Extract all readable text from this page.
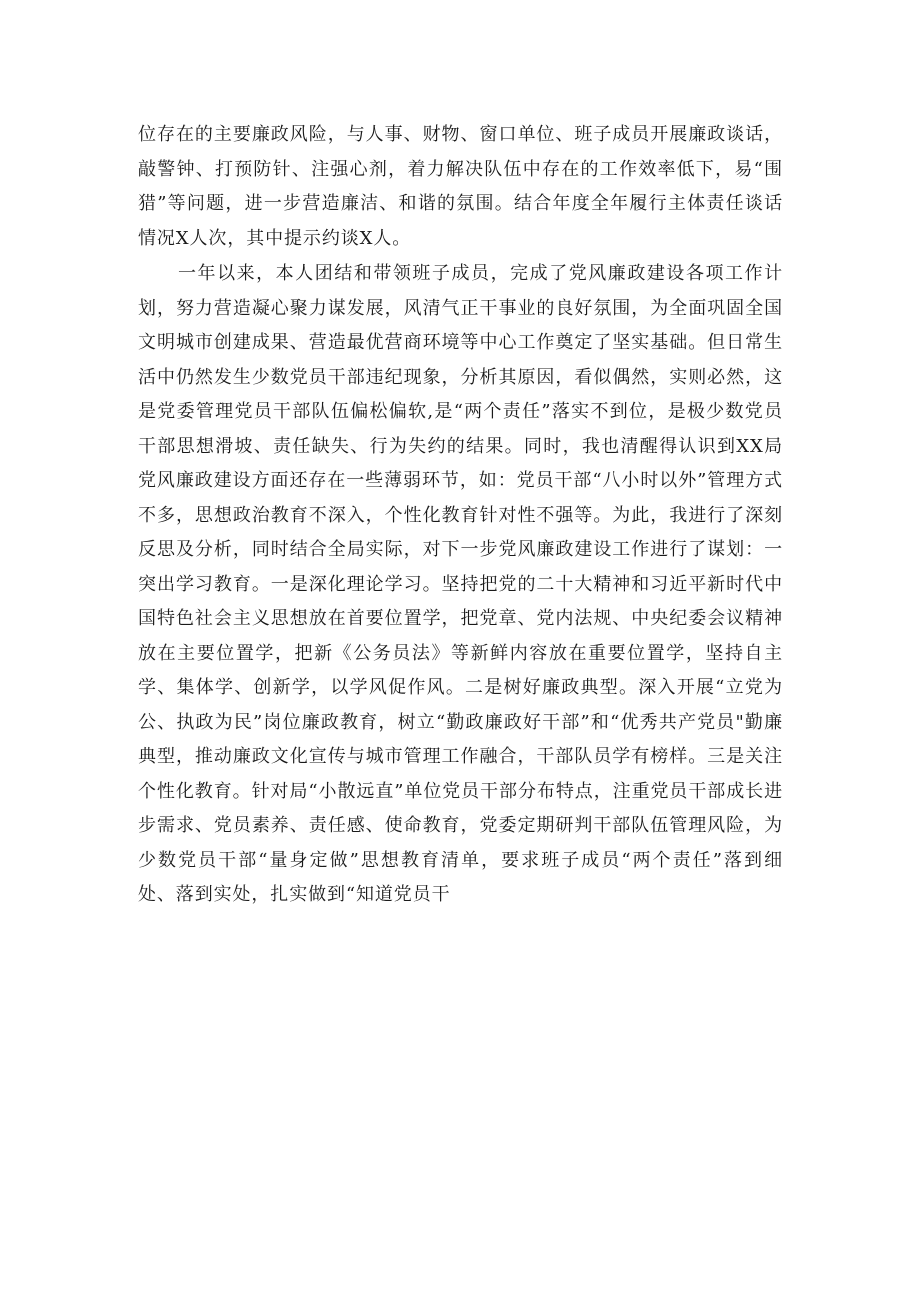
位存在的主要廉政风险，与人事、财物、窗口单位、班子成员开展廉政谈话，敲警钟、打预防针、注强心剂，着力解决队伍中存在的工作效率低下，易“围猎”等问题，进一步营造廉洁、和谐的氛围。结合年度全年履行主体责任谈话情况X人次，其中提示约谈X人。

一年以来，本人团结和带领班子成员，完成了党风廉政建设各项工作计划，努力营造凝心聚力谋发展，风清气正干事业的良好氛围，为全面巩固全国文明城市创建成果、营造最优营商环境等中心工作奠定了坚实基础。但日常生活中仍然发生少数党员干部违纪现象，分析其原因，看似偶然，实则必然，这是党委管理党员干部队伍偏松偏软,是“两个责任”落实不到位，是极少数党员干部思想滑坡、责任缺失、行为失约的结果。同时，我也清醒得认识到XX局党风廉政建设方面还存在一些薄弱环节，如：党员干部“八小时以外”管理方式不多，思想政治教育不深入，个性化教育针对性不强等。为此，我进行了深刻反思及分析，同时结合全局实际，对下一步党风廉政建设工作进行了谋划：一突出学习教育。一是深化理论学习。坚持把党的二十大精神和习近平新时代中国特色社会主义思想放在首要位置学，把党章、党内法规、中央纪委会议精神放在主要位置学，把新《公务员法》等新鲜内容放在重要位置学，坚持自主学、集体学、创新学，以学风促作风。二是树好廉政典型。深入开展“立党为公、执政为民”岗位廉政教育，树立“勤政廉政好干部”和“优秀共产党员"勤廉典型，推动廉政文化宣传与城市管理工作融合，干部队员学有榜样。三是关注个性化教育。针对局“小散远直”单位党员干部分布特点，注重党员干部成长进步需求、党员素养、责任感、使命教育，党委定期研判干部队伍管理风险，为少数党员干部“量身定做”思想教育清单，要求班子成员“两个责任”落到细处、落到实处，扎实做到“知道党员干
